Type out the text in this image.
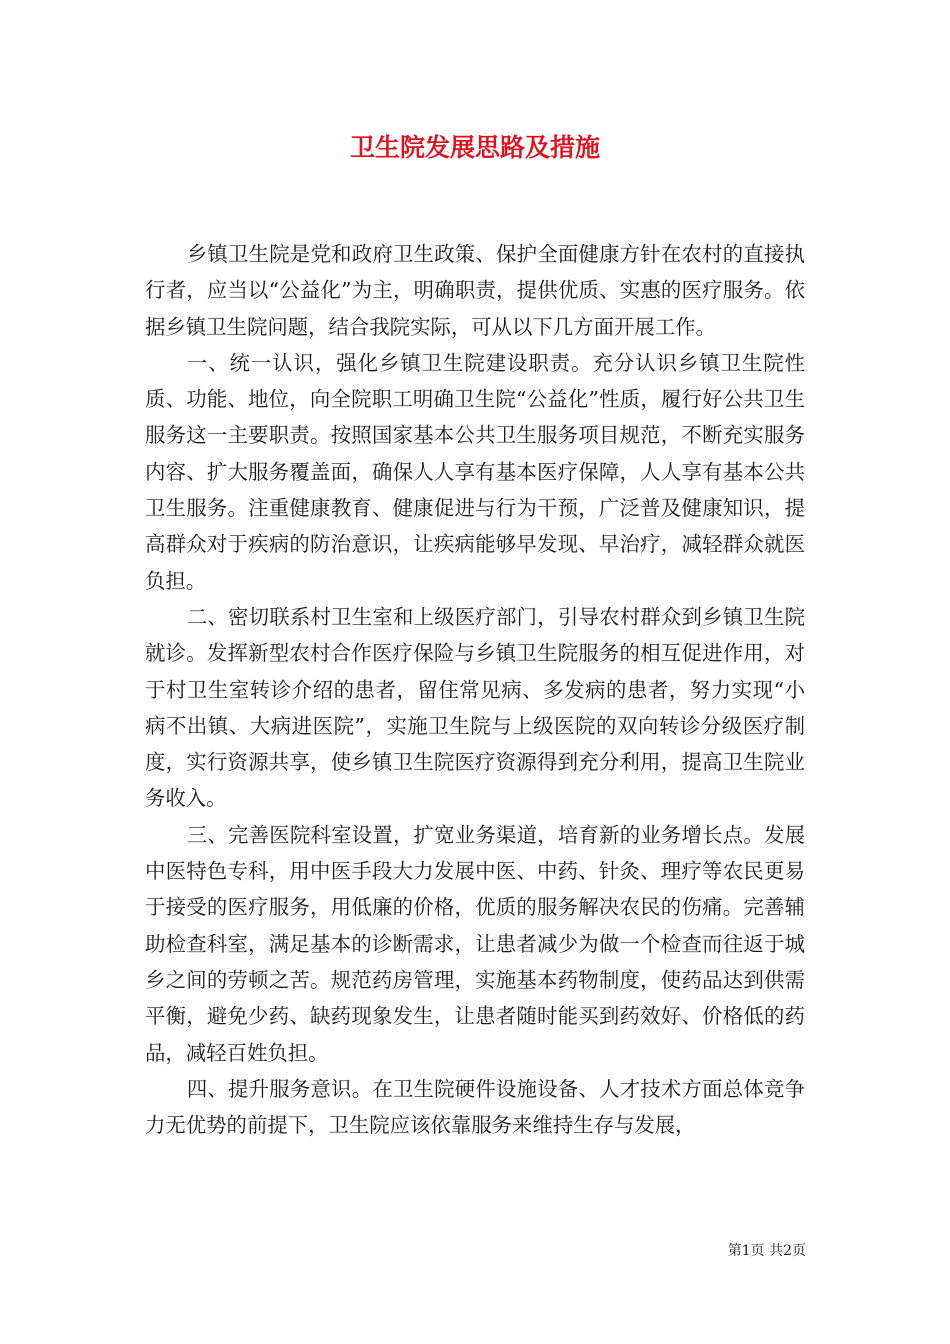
卫生院发展思路及措施

乡镇卫生院是党和政府卫生政策、保护全面健康方针在农村的直接执行者，应当以“公益化”为主，明确职责，提供优质、实惠的医疗服务。依据乡镇卫生院问题，结合我院实际，可从以下几方面开展工作。

一、统一认识，强化乡镇卫生院建设职责。充分认识乡镇卫生院性质、功能、地位，向全院职工明确卫生院“公益化”性质，履行好公共卫生服务这一主要职责。按照国家基本公共卫生服务项目规范，不断充实服务内容、扩大服务覆盖面，确保人人享有基本医疗保障，人人享有基本公共卫生服务。注重健康教育、健康促进与行为干预，广泛普及健康知识，提高群众对于疾病的防治意识，让疾病能够早发现、早治疗，减轻群众就医负担。

二、密切联系村卫生室和上级医疗部门，引导农村群众到乡镇卫生院就诊。发挥新型农村合作医疗保险与乡镇卫生院服务的相互促进作用，对于村卫生室转诊介绍的患者，留住常见病、多发病的患者，努力实现“小病不出镇、大病进医院”，实施卫生院与上级医院的双向转诊分级医疗制度，实行资源共享，使乡镇卫生院医疗资源得到充分利用，提高卫生院业务收入。

三、完善医院科室设置，扩宽业务渠道，培育新的业务增长点。发展中医特色专科，用中医手段大力发展中医、中药、针灸、理疗等农民更易于接受的医疗服务，用低廉的价格，优质的服务解决农民的伤痛。完善辅助检查科室，满足基本的诊断需求，让患者减少为做一个检查而往返于城乡之间的劳顿之苦。规范药房管理，实施基本药物制度，使药品达到供需平衡，避免少药、缺药现象发生，让患者随时能买到药效好、价格低的药品，减轻百姓负担。

四、提升服务意识。在卫生院硬件设施设备、人才技术方面总体竞争力无优势的前提下，卫生院应该依靠服务来维持生存与发展，

第1页 共2页
